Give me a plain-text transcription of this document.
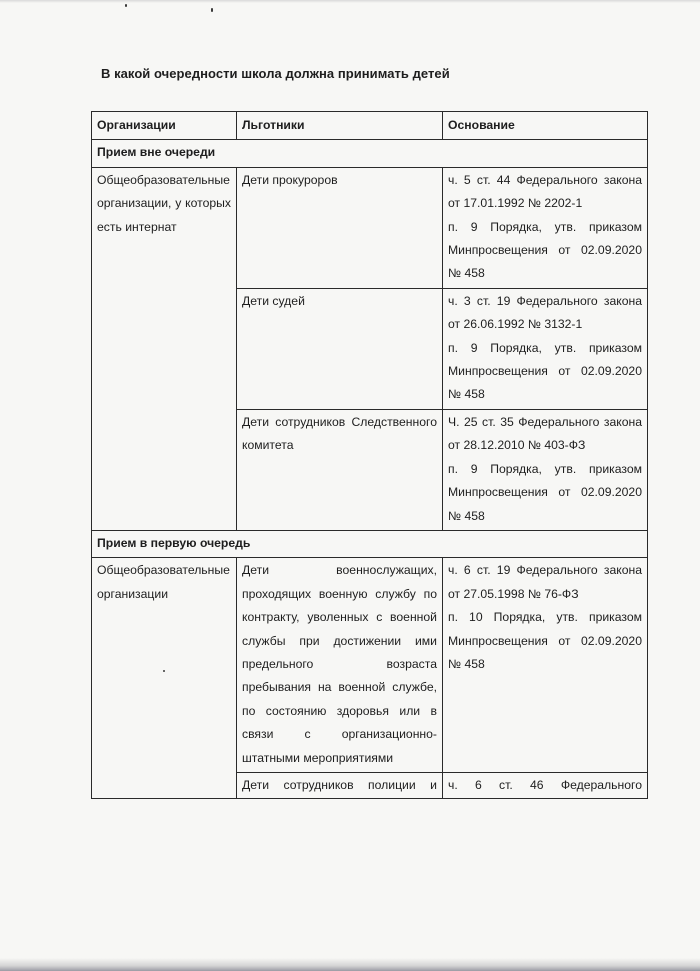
В какой очередности школа должна принимать детей
Организации	Льготники	Основание
Прием вне очереди		
Общеобразовательные организации, у которых есть интернат	Дети прокуроров	ч. 5 ст. 44 Федерального закона от 17.01.1992 № 2202-1
п. 9 Порядка, утв. приказом Минпросвещения от 02.09.2020 № 458

	Дети судей	ч. 3 ст. 19 Федерального закона от 26.06.1992 № 3132-1
п. 9 Порядка, утв. приказом Минпросвещения от 02.09.2020 № 458

	Дети сотрудников Следственного комитета	Ч. 25 ст. 35 Федерального закона от 28.12.2010 № 403-ФЗ
п. 9 Порядка, утв. приказом Минпросвещения от 02.09.2020 № 458

Прием в первую очередь		
Общеобразовательные организации	Дети военнослужащих, проходящих военную службу по контракту, уволенных с военной службы при достижении ими предельного возраста пребывания на военной службе, по состоянию здоровья или в связи с организационно-штатными мероприятиями	ч. 6 ст. 19 Федерального закона от 27.05.1998 № 76-ФЗ
п. 10 Порядка, утв. приказом Минпросвещения от 02.09.2020 № 458

	Дети сотрудников полиции и	ч. 6 ст. 46 Федерального
